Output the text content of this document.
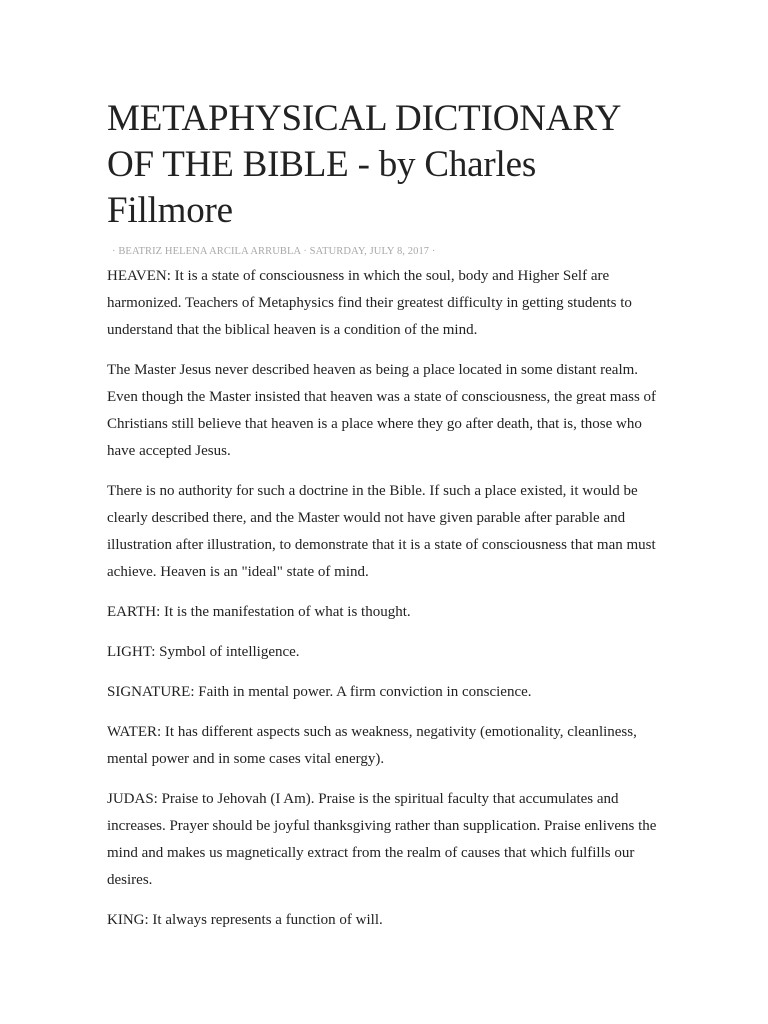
METAPHYSICAL DICTIONARY OF THE BIBLE - by Charles Fillmore
· BEATRIZ HELENA ARCILA ARRUBLA · SATURDAY, JULY 8, 2017 ·

HEAVEN: It is a state of consciousness in which the soul, body and Higher Self are harmonized. Teachers of Metaphysics find their greatest difficulty in getting students to understand that the biblical heaven is a condition of the mind.

The Master Jesus never described heaven as being a place located in some distant realm. Even though the Master insisted that heaven was a state of consciousness, the great mass of Christians still believe that heaven is a place where they go after death, that is, those who have accepted Jesus.

There is no authority for such a doctrine in the Bible. If such a place existed, it would be clearly described there, and the Master would not have given parable after parable and illustration after illustration, to demonstrate that it is a state of consciousness that man must achieve. Heaven is an "ideal" state of mind.

EARTH: It is the manifestation of what is thought.

LIGHT: Symbol of intelligence.

SIGNATURE: Faith in mental power. A firm conviction in conscience.

WATER: It has different aspects such as weakness, negativity (emotionality, cleanliness, mental power and in some cases vital energy).

JUDAS: Praise to Jehovah (I Am). Praise is the spiritual faculty that accumulates and increases. Prayer should be joyful thanksgiving rather than supplication. Praise enlivens the mind and makes us magnetically extract from the realm of causes that which fulfills our desires.

KING: It always represents a function of will.
